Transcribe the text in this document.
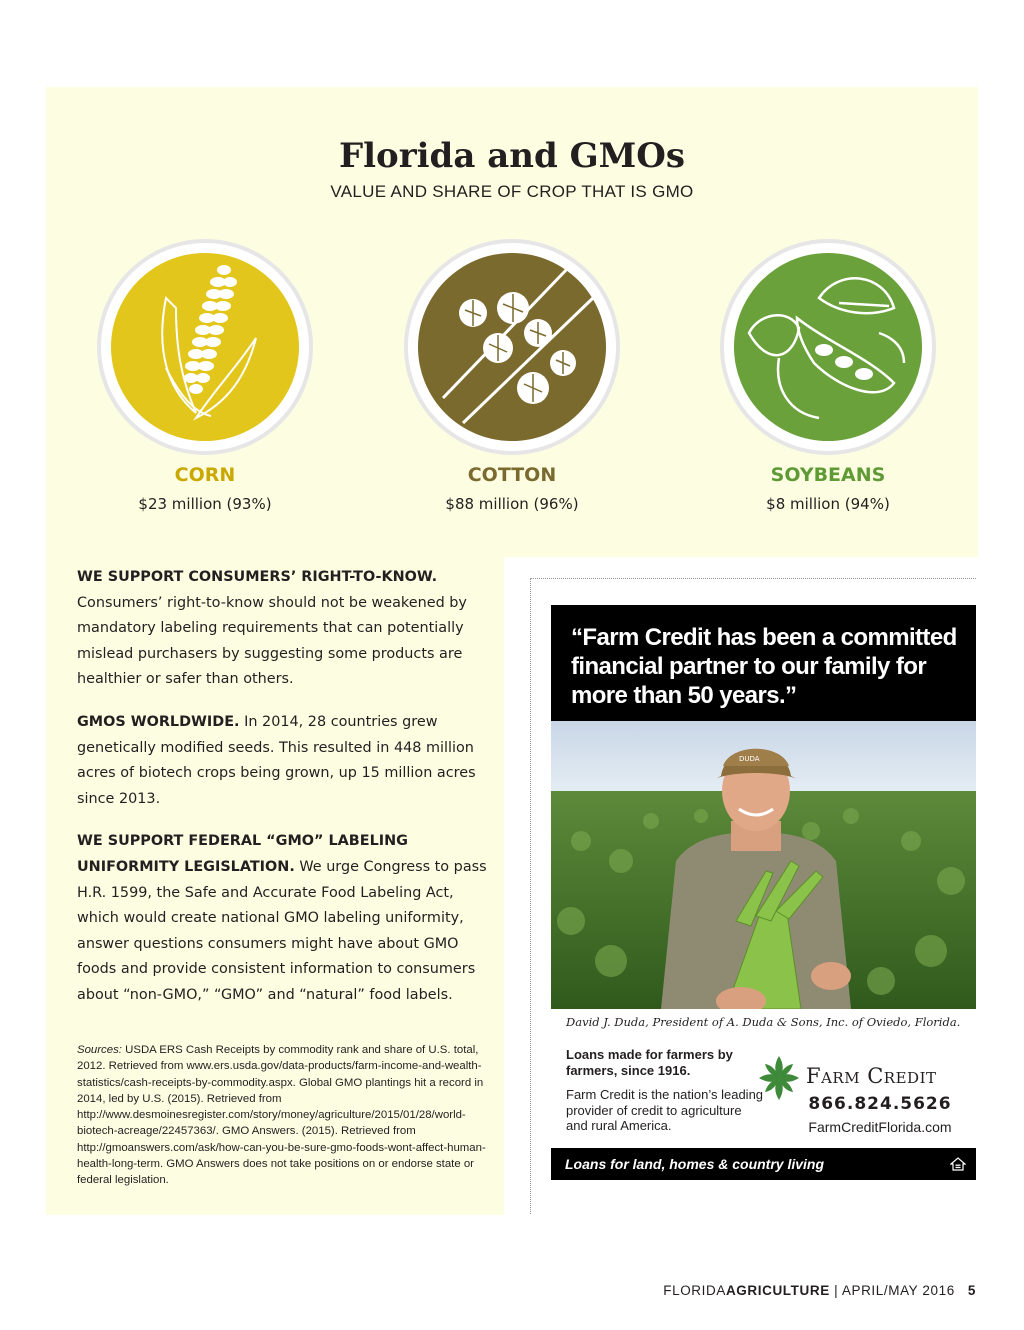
Florida and GMOs
VALUE AND SHARE OF CROP THAT IS GMO
CORN
$23 million (93%)
COTTON
$88 million (96%)
SOYBEANS
$8 million (94%)

WE SUPPORT CONSUMERS’ RIGHT-TO-KNOW.
Consumers’ right-to-know should not be weakened by mandatory labeling requirements that can potentially mislead purchasers by suggesting some products are healthier or safer than others.

GMOS WORLDWIDE. In 2014, 28 countries grew genetically modified seeds. This resulted in 448 million acres of biotech crops being grown, up 15 million acres since 2013.

WE SUPPORT FEDERAL “GMO” LABELING UNIFORMITY LEGISLATION. We urge Congress to pass H.R. 1599, the Safe and Accurate Food Labeling Act, which would create national GMO labeling uniformity, answer questions consumers might have about GMO foods and provide consistent information to consumers about “non-GMO,” “GMO” and “natural” food labels.

Sources: USDA ERS Cash Receipts by commodity rank and share of U.S. total, 2012. Retrieved from www.ers.usda.gov/data-products/farm-income-and-wealth-statistics/cash-receipts-by-commodity.aspx. Global GMO plantings hit a record in 2014, led by U.S. (2015). Retrieved from http://www.desmoinesregister.com/story/money/agriculture/2015/01/28/world-biotech-acreage/22457363/. GMO Answers. (2015). Retrieved from http://gmoanswers.com/ask/how-can-you-be-sure-gmo-foods-wont-affect-human-health-long-term. GMO Answers does not take positions on or endorse state or federal legislation.
“Farm Credit has been a committed financial partner to our family for more than 50 years.”
DUDA
David J. Duda, President of A. Duda & Sons, Inc. of Oviedo, Florida.
Loans made for farmers by farmers, since 1916.
Farm Credit is the nation’s leading provider of credit to agriculture and rural America.
Farm Credit
866.824.5626
FarmCreditFlorida.com
Loans for land, homes & country living
FLORIDAAGRICULTURE | APRIL/MAY 2016 5
